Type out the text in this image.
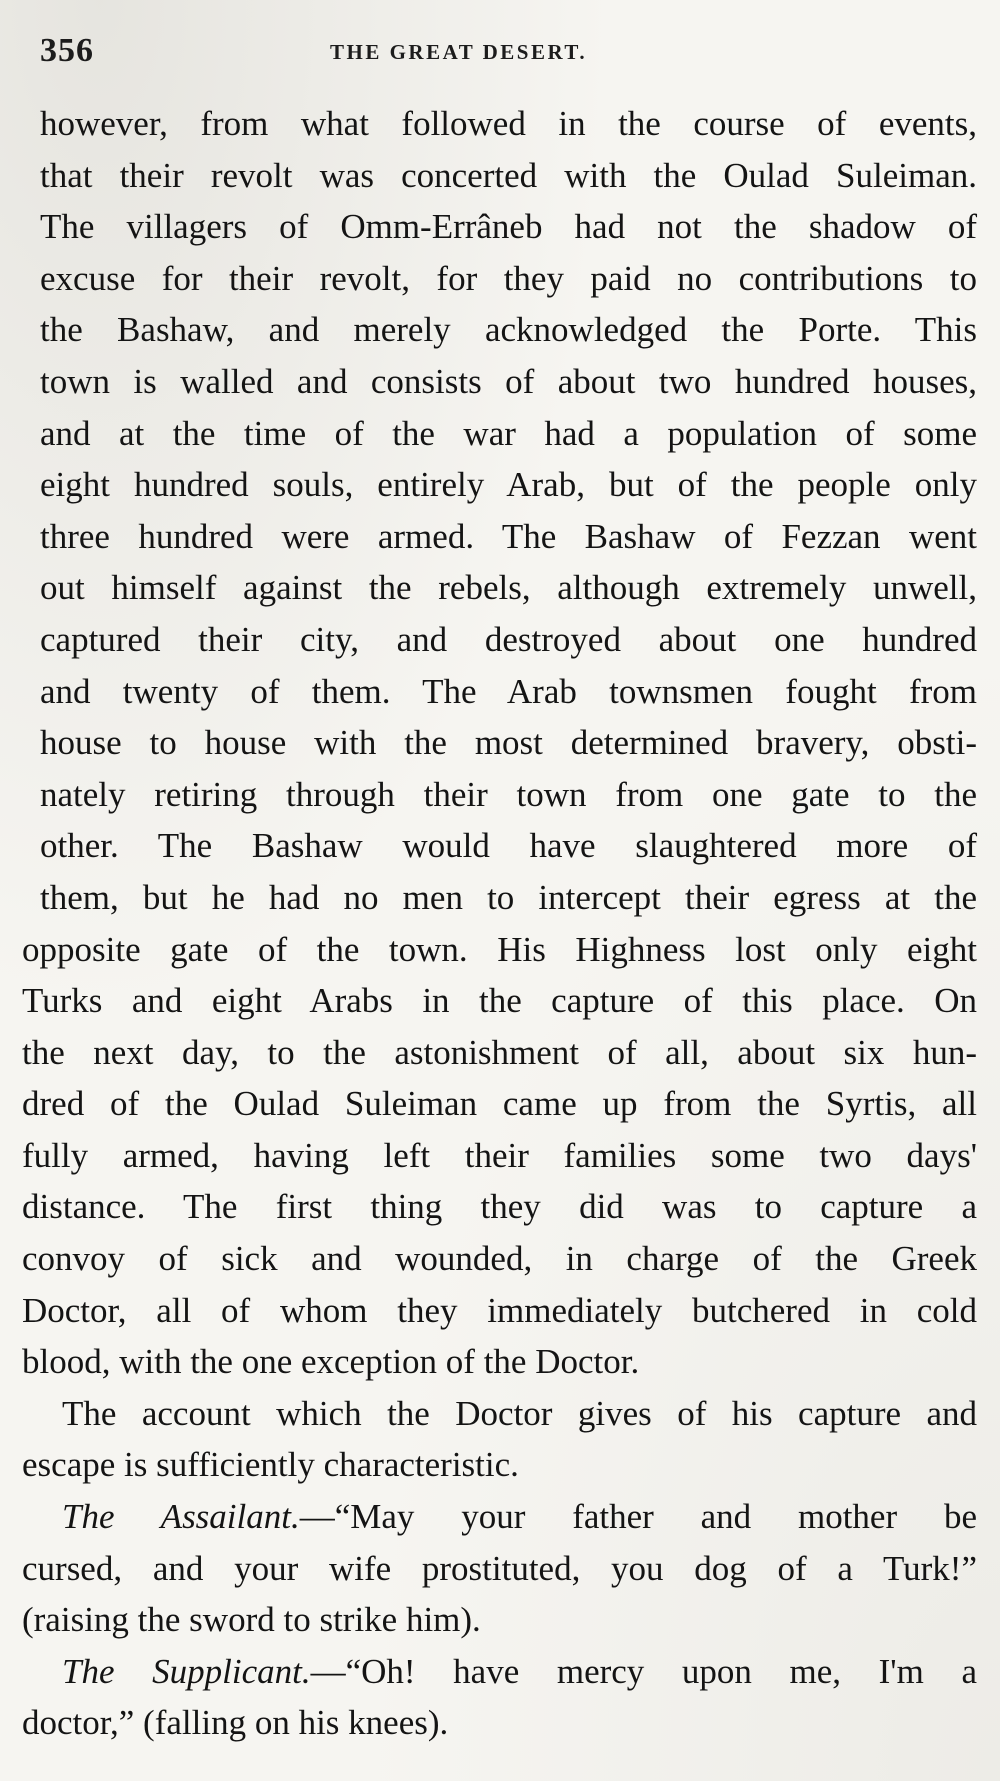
356	THE GREAT DESERT.
however, from what followed in the course of events,
that their revolt was concerted with the Oulad Suleiman.
The villagers of Omm-Errâneb had not the shadow of
excuse for their revolt, for they paid no contributions to
the Bashaw, and merely acknowledged the Porte. This
town is walled and consists of about two hundred houses,
and at the time of the war had a population of some
eight hundred souls, entirely Arab, but of the people only
three hundred were armed. The Bashaw of Fezzan went
out himself against the rebels, although extremely unwell,
captured their city, and destroyed about one hundred
and twenty of them. The Arab townsmen fought from
house to house with the most determined bravery, obsti-
nately retiring through their town from one gate to the
other. The Bashaw would have slaughtered more of
them, but he had no men to intercept their egress at the
opposite gate of the town. His Highness lost only eight
Turks and eight Arabs in the capture of this place. On
the next day, to the astonishment of all, about six hun-
dred of the Oulad Suleiman came up from the Syrtis, all
fully armed, having left their families some two days'
distance. The first thing they did was to capture a
convoy of sick and wounded, in charge of the Greek
Doctor, all of whom they immediately butchered in cold
blood, with the one exception of the Doctor.
The account which the Doctor gives of his capture and
escape is sufficiently characteristic.
The Assailant.—“May your father and mother be
cursed, and your wife prostituted, you dog of a Turk!”
(raising the sword to strike him).
The Supplicant.—“Oh! have mercy upon me, I'm a
doctor,” (falling on his knees).
